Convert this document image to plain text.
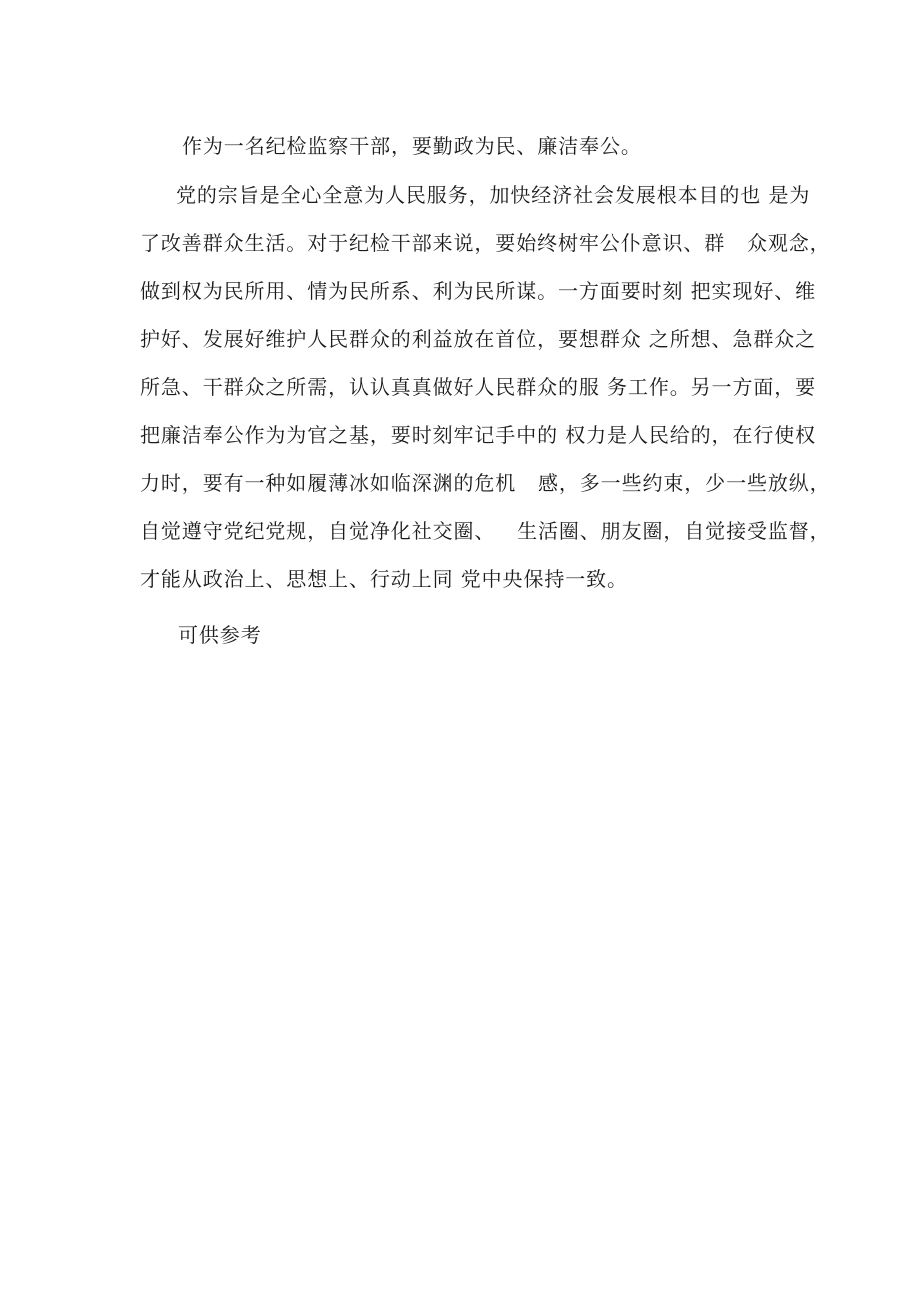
作为一名纪检监察干部，要勤政为民、廉洁奉公。
党的宗旨是全心全意为人民服务，加快经济社会发展根本目的也 是为
了改善群众生活。对于纪检干部来说，要始终树牢公仆意识、群   众观念，
做到权为民所用、情为民所系、利为民所谋。一方面要时刻 把实现好、维
护好、发展好维护人民群众的利益放在首位，要想群众 之所想、急群众之
所急、干群众之所需，认认真真做好人民群众的服 务工作。另一方面，要
把廉洁奉公作为为官之基，要时刻牢记手中的 权力是人民给的，在行使权
力时，要有一种如履薄冰如临深渊的危机   感，多一些约束，少一些放纵，
自觉遵守党纪党规，自觉净化社交圈、   生活圈、朋友圈，自觉接受监督，
才能从政治上、思想上、行动上同 党中央保持一致。
可供参考
